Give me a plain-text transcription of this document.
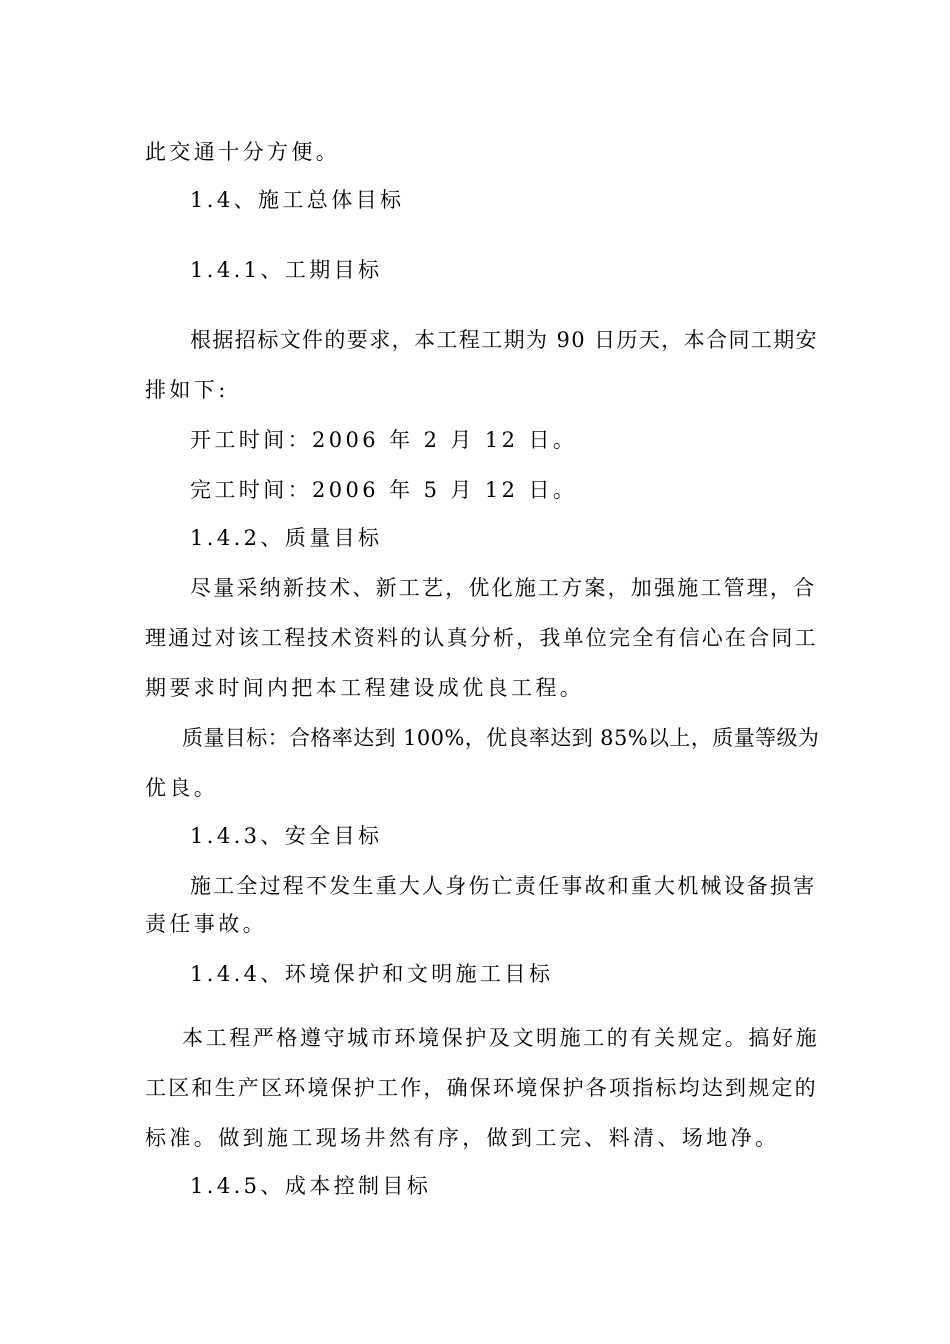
此交通十分方便。

1.4、施工总体目标

1.4.1、工期目标

根据招标文件的要求，本工程工期为 90 日历天，本合同工期安

排如下:

开工时间：2006 年 2 月 12 日。

完工时间：2006 年 5 月 12 日。

1.4.2、质量目标

尽量采纳新技术、新工艺，优化施工方案，加强施工管理，合

理通过对该工程技术资料的认真分析，我单位完全有信心在合同工

期要求时间内把本工程建设成优良工程。

质量目标：合格率达到 100%，优良率达到 85%以上，质量等级为

优良。

1.4.3、安全目标

施工全过程不发生重大人身伤亡责任事故和重大机械设备损害

责任事故。

1.4.4、环境保护和文明施工目标

本工程严格遵守城市环境保护及文明施工的有关规定。搞好施

工区和生产区环境保护工作，确保环境保护各项指标均达到规定的

标准。做到施工现场井然有序，做到工完、料清、场地净。

1.4.5、成本控制目标
